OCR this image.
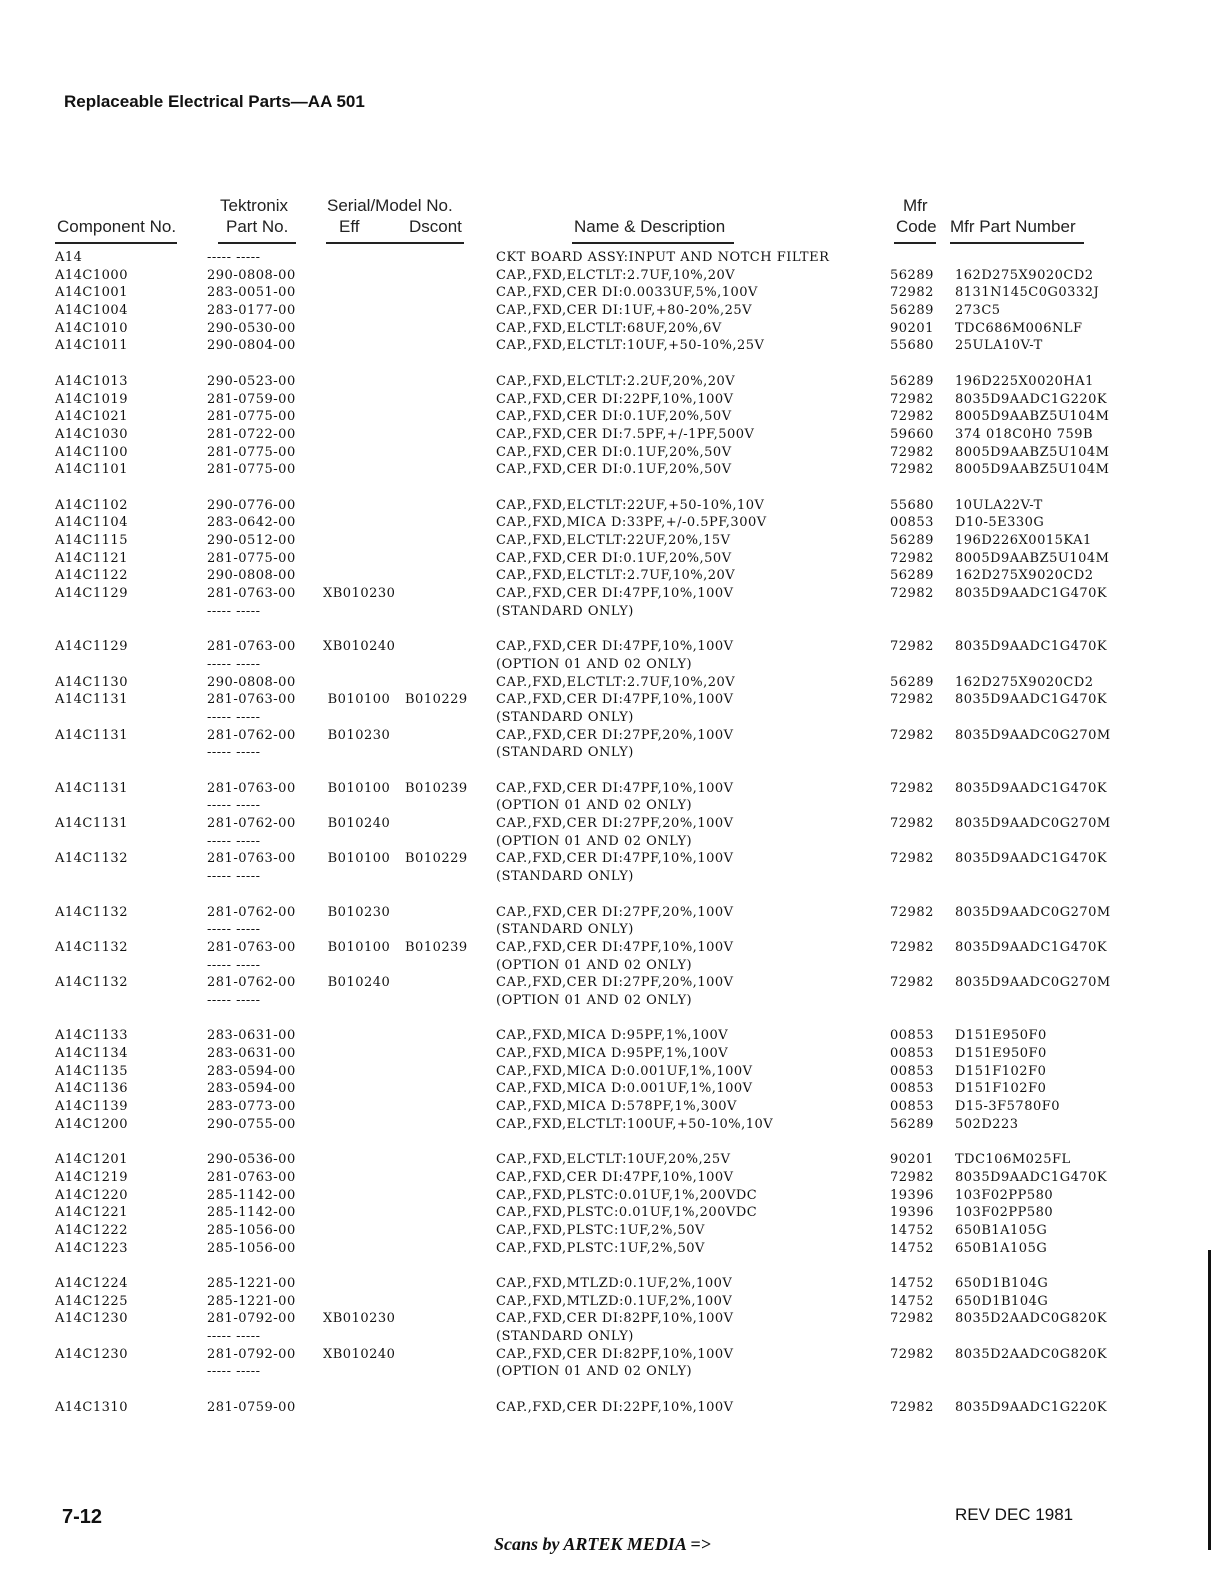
Replaceable Electrical Parts—AA 501
Component No.
Tektronix
Part No.
Serial/Model No.
Eff	Dscont	Name & Description
Mfr
Code Mfr Part Number
A14	----- -----	CKT BOARD ASSY:INPUT AND NOTCH FILTER
A14C1000	290-0808-00	CAP.,FXD,ELCTLT:2.7UF,10%,20V	56289 162D275X9020CD2
A14C1001	283-0051-00	CAP.,FXD,CER DI:0.0033UF,5%,100V	72982 8131N145C0G0332J
A14C1004	283-0177-00	CAP.,FXD,CER DI:1UF,+80-20%,25V	56289 273C5
A14C1010	290-0530-00	CAP.,FXD,ELCTLT:68UF,20%,6V	90201 TDC686M006NLF
A14C1011	290-0804-00	CAP.,FXD,ELCTLT:10UF,+50-10%,25V	55680 25ULA10V-T
A14C1013	290-0523-00	CAP.,FXD,ELCTLT:2.2UF,20%,20V	56289 196D225X0020HA1
A14C1019	281-0759-00	CAP.,FXD,CER DI:22PF,10%,100V	72982 8035D9AADC1G220K
A14C1021	281-0775-00	CAP.,FXD,CER DI:0.1UF,20%,50V	72982 8005D9AABZ5U104M
A14C1030	281-0722-00	CAP.,FXD,CER DI:7.5PF,+/-1PF,500V	59660 374 018C0H0 759B
A14C1100	281-0775-00	CAP.,FXD,CER DI:0.1UF,20%,50V	72982 8005D9AABZ5U104M
A14C1101	281-0775-00	CAP.,FXD,CER DI:0.1UF,20%,50V	72982 8005D9AABZ5U104M
A14C1102	290-0776-00	CAP.,FXD,ELCTLT:22UF,+50-10%,10V	55680 10ULA22V-T
A14C1104	283-0642-00	CAP.,FXD,MICA D:33PF,+/-0.5PF,300V	00853 D10-5E330G
A14C1115	290-0512-00	CAP.,FXD,ELCTLT:22UF,20%,15V	56289 196D226X0015KA1
A14C1121	281-0775-00	CAP.,FXD,CER DI:0.1UF,20%,50V	72982 8005D9AABZ5U104M
A14C1122	290-0808-00	CAP.,FXD,ELCTLT:2.7UF,10%,20V	56289 162D275X9020CD2
A14C1129	281-0763-00 XB010230	CAP.,FXD,CER DI:47PF,10%,100V	72982 8035D9AADC1G470K
----- -----	(STANDARD ONLY)
A14C1129	281-0763-00 XB010240	CAP.,FXD,CER DI:47PF,10%,100V	72982 8035D9AADC1G470K
----- -----	(OPTION 01 AND 02 ONLY)
A14C1130	290-0808-00	CAP.,FXD,ELCTLT:2.7UF,10%,20V	56289 162D275X9020CD2
A14C1131	281-0763-00 B010100 B010229 CAP.,FXD,CER DI:47PF,10%,100V	72982 8035D9AADC1G470K
----- -----	(STANDARD ONLY)
A14C1131	281-0762-00 B010230	CAP.,FXD,CER DI:27PF,20%,100V	72982 8035D9AADC0G270M
----- -----	(STANDARD ONLY)
A14C1131	281-0763-00 B010100 B010239 CAP.,FXD,CER DI:47PF,10%,100V	72982 8035D9AADC1G470K
----- -----	(OPTION 01 AND 02 ONLY)
A14C1131	281-0762-00 B010240	CAP.,FXD,CER DI:27PF,20%,100V	72982 8035D9AADC0G270M
----- -----	(OPTION 01 AND 02 ONLY)
A14C1132	281-0763-00 B010100 B010229 CAP.,FXD,CER DI:47PF,10%,100V	72982 8035D9AADC1G470K
----- -----	(STANDARD ONLY)
A14C1132	281-0762-00 B010230	CAP.,FXD,CER DI:27PF,20%,100V	72982 8035D9AADC0G270M
----- -----	(STANDARD ONLY)
A14C1132	281-0763-00 B010100 B010239 CAP.,FXD,CER DI:47PF,10%,100V	72982 8035D9AADC1G470K
----- -----	(OPTION 01 AND 02 ONLY)
A14C1132	281-0762-00 B010240	CAP.,FXD,CER DI:27PF,20%,100V	72982 8035D9AADC0G270M
----- -----	(OPTION 01 AND 02 ONLY)
A14C1133	283-0631-00	CAP.,FXD,MICA D:95PF,1%,100V	00853 D151E950F0
A14C1134	283-0631-00	CAP.,FXD,MICA D:95PF,1%,100V	00853 D151E950F0
A14C1135	283-0594-00	CAP.,FXD,MICA D:0.001UF,1%,100V	00853 D151F102F0
A14C1136	283-0594-00	CAP.,FXD,MICA D:0.001UF,1%,100V	00853 D151F102F0
A14C1139	283-0773-00	CAP.,FXD,MICA D:578PF,1%,300V	00853 D15-3F5780F0
A14C1200	290-0755-00	CAP.,FXD,ELCTLT:100UF,+50-10%,10V	56289 502D223
A14C1201	290-0536-00	CAP.,FXD,ELCTLT:10UF,20%,25V	90201 TDC106M025FL
A14C1219	281-0763-00	CAP.,FXD,CER DI:47PF,10%,100V	72982 8035D9AADC1G470K
A14C1220	285-1142-00	CAP.,FXD,PLSTC:0.01UF,1%,200VDC	19396 103F02PP580
A14C1221	285-1142-00	CAP.,FXD,PLSTC:0.01UF,1%,200VDC	19396 103F02PP580
A14C1222	285-1056-00	CAP.,FXD,PLSTC:1UF,2%,50V	14752 650B1A105G
A14C1223	285-1056-00	CAP.,FXD,PLSTC:1UF,2%,50V	14752 650B1A105G
A14C1224	285-1221-00	CAP.,FXD,MTLZD:0.1UF,2%,100V	14752 650D1B104G
A14C1225	285-1221-00	CAP.,FXD,MTLZD:0.1UF,2%,100V	14752 650D1B104G
A14C1230	281-0792-00 XB010230	CAP.,FXD,CER DI:82PF,10%,100V	72982 8035D2AADC0G820K
----- -----	(STANDARD ONLY)
A14C1230	281-0792-00 XB010240	CAP.,FXD,CER DI:82PF,10%,100V	72982 8035D2AADC0G820K
----- -----	(OPTION 01 AND 02 ONLY)
A14C1310	281-0759-00	CAP.,FXD,CER DI:22PF,10%,100V	72982 8035D9AADC1G220K
7-12	REV DEC 1981
Scans by ARTEK MEDIA =>
